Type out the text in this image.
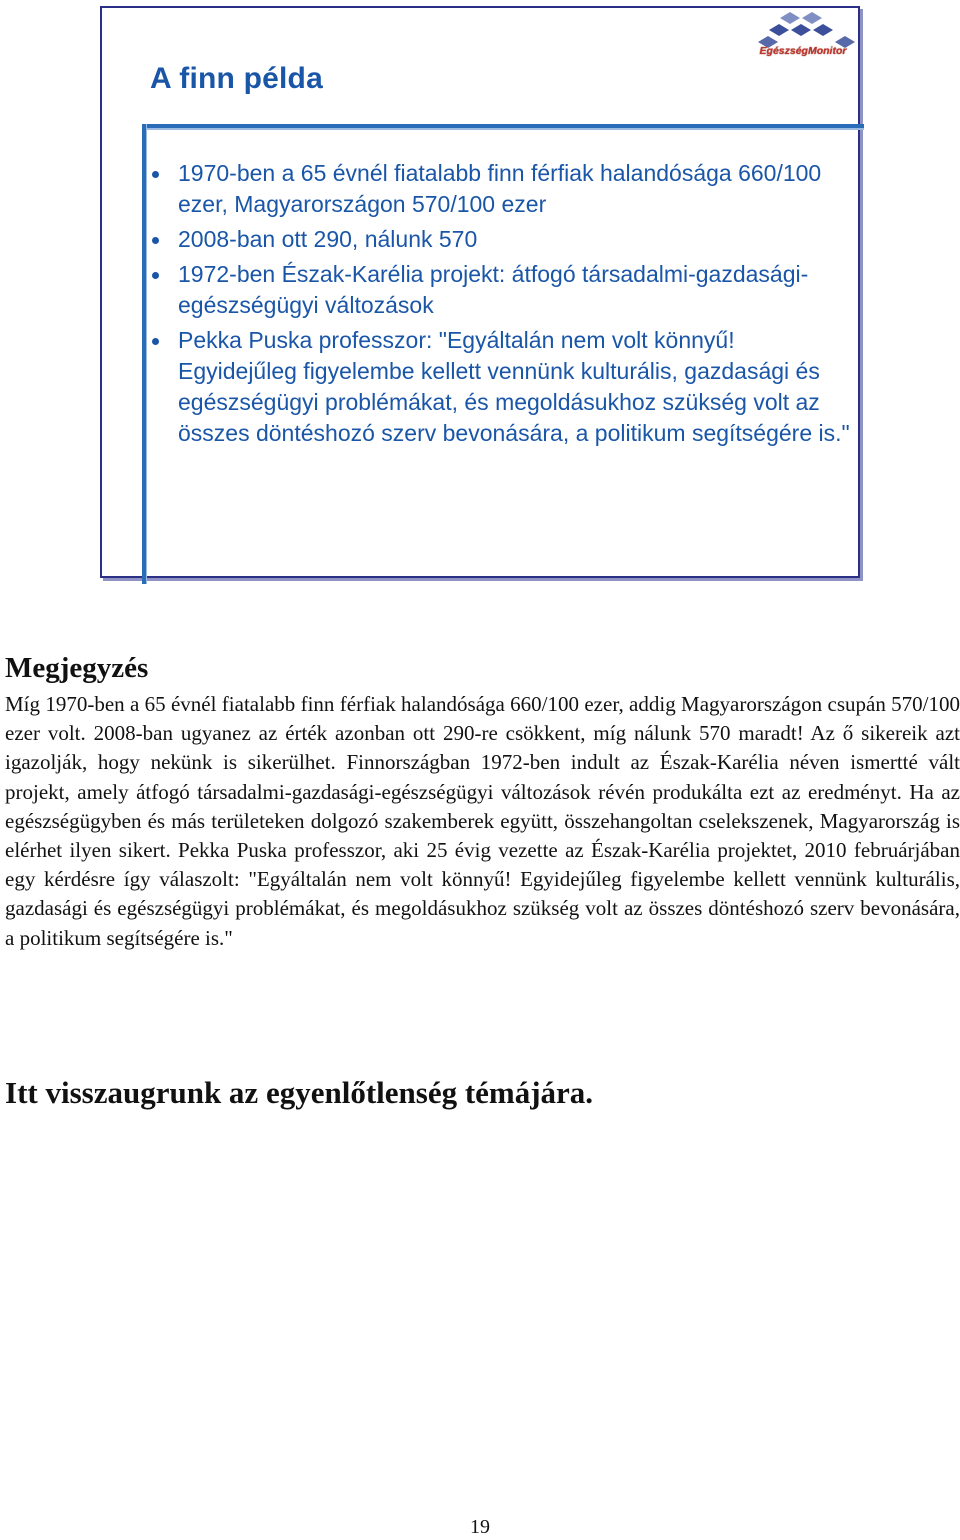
A finn példa
EgészségMonitor
1970-ben a 65 évnél fiatalabb finn férfiak halandósága 660/100 ezer, Magyarországon 570/100 ezer
2008-ban ott 290, nálunk 570
1972-ben Észak-Karélia projekt: átfogó társadalmi-gazdasági-egészségügyi változások
Pekka Puska professzor: "Egyáltalán nem volt könnyű! Egyidejűleg figyelembe kellett vennünk kulturális, gazdasági és egészségügyi problémákat, és megoldásukhoz szükség volt az összes döntéshozó szerv bevonására, a politikum segítségére is."
Megjegyzés

Míg 1970-ben a 65 évnél fiatalabb finn férfiak halandósága 660/100 ezer, addig Magyarországon csupán 570/100 ezer volt. 2008-ban ugyanez az érték azonban ott 290-re csökkent, míg nálunk 570 maradt! Az ő sikereik azt igazolják, hogy nekünk is sikerülhet. Finnországban 1972-ben indult az Észak-Karélia néven ismertté vált projekt, amely átfogó társadalmi-gazdasági-egészségügyi változások révén produkálta ezt az eredményt. Ha az egészségügyben és más területeken dolgozó szakemberek együtt, összehangoltan cselekszenek, Magyarország is elérhet ilyen sikert. Pekka Puska professzor, aki 25 évig vezette az Észak-Karélia projektet, 2010 februárjában egy kérdésre így válaszolt: "Egyáltalán nem volt könnyű! Egyidejűleg figyelembe kellett vennünk kulturális, gazdasági és egészségügyi problémákat, és megoldásukhoz szükség volt az összes döntéshozó szerv bevonására, a politikum segítségére is."

Itt visszaugrunk az egyenlőtlenség témájára.
19
